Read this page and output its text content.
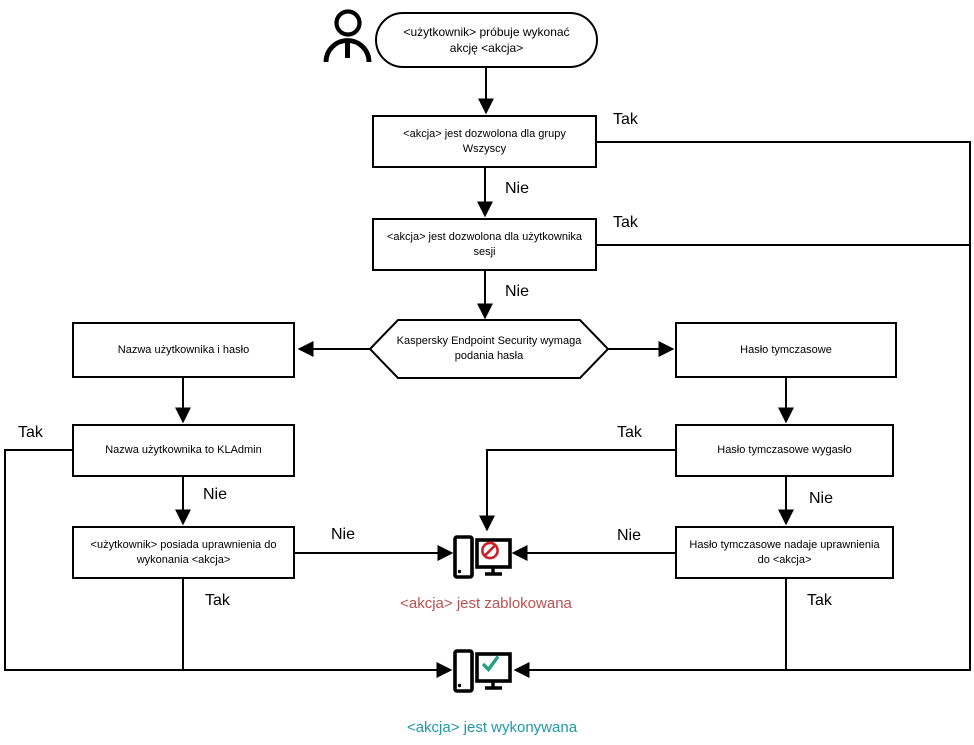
<użytkownik> próbuje wykonać akcję <akcja>
<akcja> jest dozwolona dla grupy Wszyscy
<akcja> jest dozwolona dla użytkownika sesji
Kaspersky Endpoint Security wymaga podania hasła
Nazwa użytkownika i hasło	Hasło tymczasowe
Nazwa użytkownika to KLAdmin
<użytkownik> posiada uprawnienia do wykonania <akcja>
Hasło tymczasowe wygasło
Hasło tymczasowe nadaje uprawnienia do <akcja>
Tak
Nie
Tak
Nie
Tak
Nie
Nie
Tak
Tak
Nie
Nie
Tak
<akcja> jest zablokowana
<akcja> jest wykonywana
